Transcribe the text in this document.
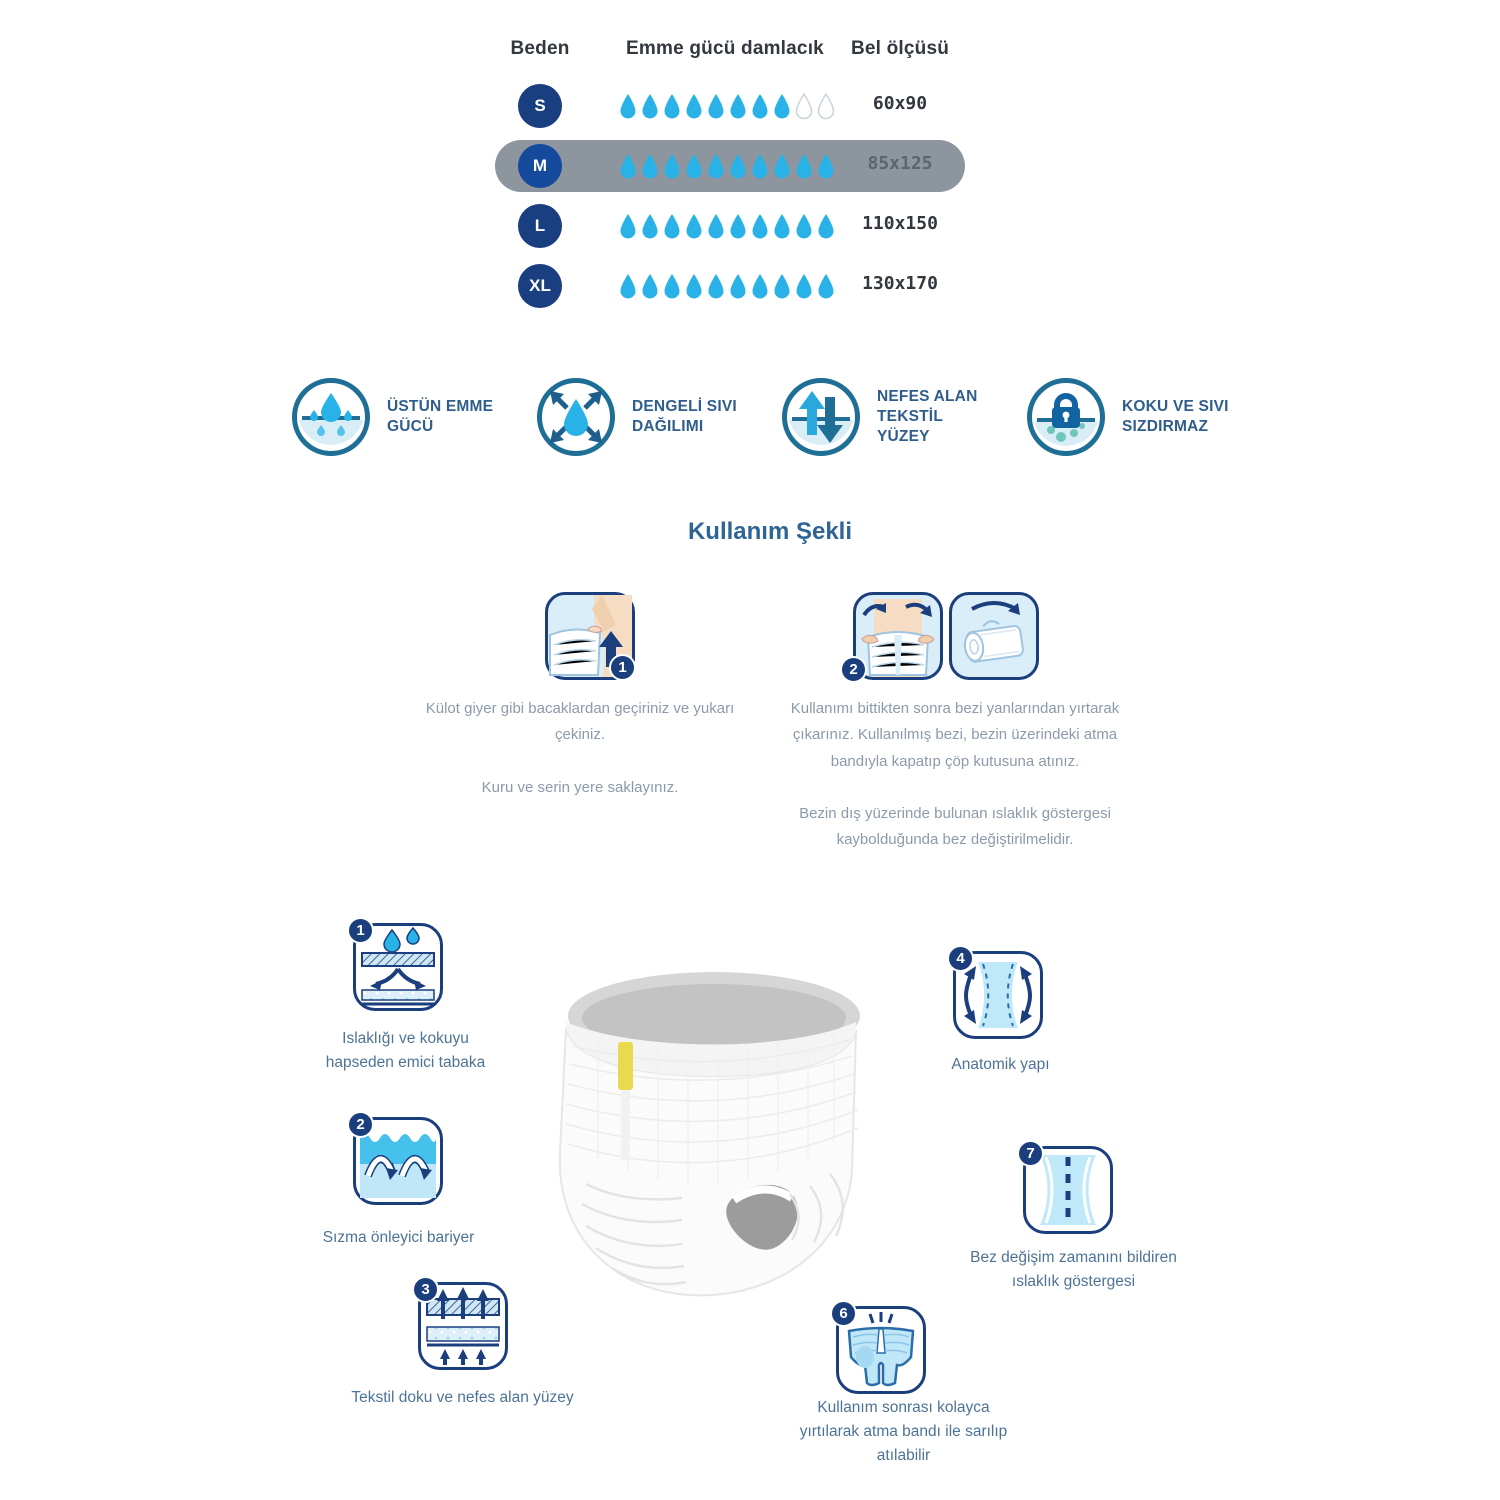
Beden	Emme gücü damlacık	Bel ölçüsü
S	60x90
M	85x125
L	110x150
XL	130x170
ÜSTÜN EMME GÜCÜ
DENGELİ SIVI DAĞILIMI
NEFES ALAN TEKSTİL YÜZEY
KOKU VE SIVI SIZDIRMAZ
Kullanım Şekli
1	2

Külot giyer gibi bacaklardan geçiriniz ve yukarı çekiniz.

Kuru ve serin yere saklayınız.

Kullanımı bittikten sonra bezi yanlarından yırtarak çıkarınız. Kullanılmış bezi, bezin üzerindeki atma bandıyla kapatıp çöp kutusuna atınız.

Bezin dış yüzerinde bulunan ıslaklık göstergesi kaybolduğunda bez değiştirilmelidir.

1
Islaklığı ve kokuyu hapseden emici tabaka
2
Sızma önleyici bariyer
3
Tekstil doku ve nefes alan yüzey
4
Anatomik yapı
7
Bez değişim zamanını bildiren ıslaklık göstergesi
6
Kullanım sonrası kolayca yırtılarak atma bandı ile sarılıp atılabilir
